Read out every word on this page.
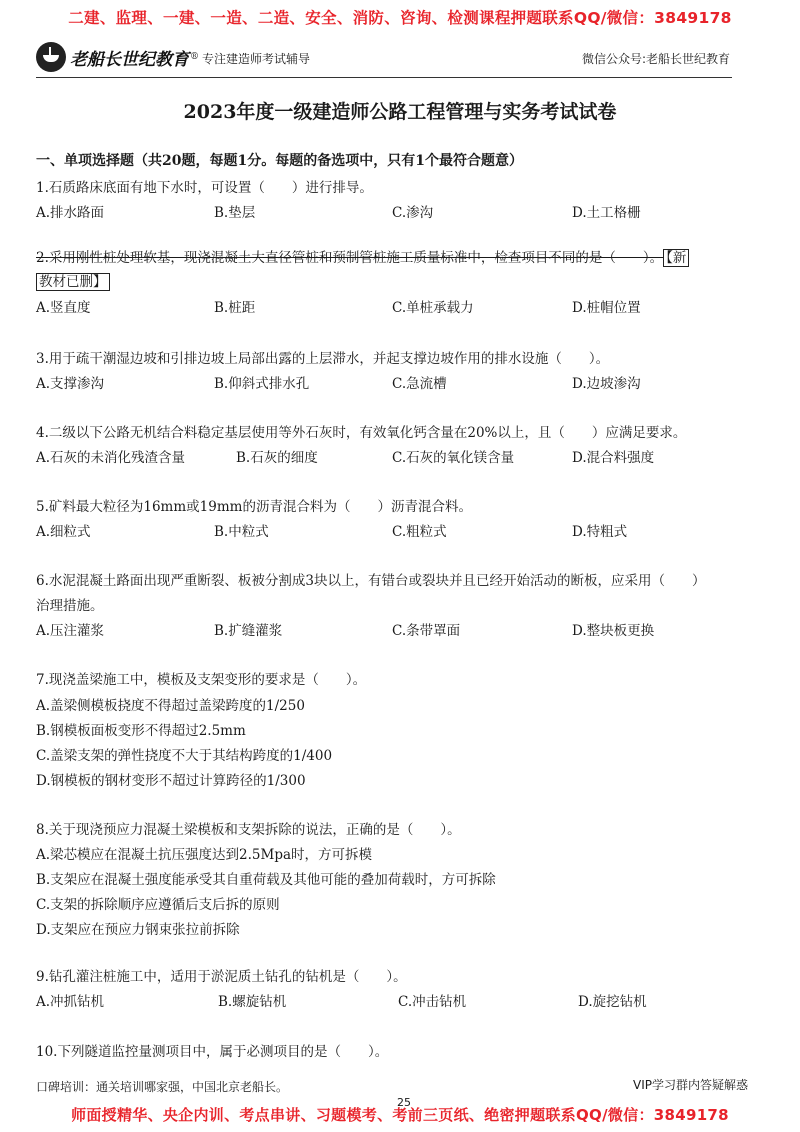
二建、监理、一建、一造、二造、安全、消防、咨询、检测课程押题联系QQ/微信：3849178
老船长世纪教育 ® 专注建造师考试辅导	微信公众号:老船长世纪教育
2023年度一级建造师公路工程管理与实务考试试卷
一、单项选择题（共20题，每题1分。每题的备选项中，只有1个最符合题意）
1.石质路床底面有地下水时，可设置（　　）进行排导。
A.排水路面	B.垫层	C.渗沟	D.土工格栅
2.采用刚性桩处理软基，现浇混凝土大直径管桩和预制管桩施工质量标准中，检查项目不同的是（　　）。 【新
教材已删】
A.竖直度	B.桩距	C.单桩承载力	D.桩帽位置
3.用于疏干潮湿边坡和引排边坡上局部出露的上层滞水，并起支撑边坡作用的排水设施（　　）。
A.支撑渗沟	B.仰斜式排水孔	C.急流槽	D.边坡渗沟
4.二级以下公路无机结合料稳定基层使用等外石灰时，有效氧化钙含量在20%以上，且（　　）应满足要求。
A.石灰的未消化残渣含量	B.石灰的细度	C.石灰的氧化镁含量	D.混合料强度
5.矿料最大粒径为16mm或19mm的沥青混合料为（　　）沥青混合料。
A.细粒式	B.中粒式	C.粗粒式	D.特粗式
6.水泥混凝土路面出现严重断裂、板被分割成3块以上，有错台或裂块并且已经开始活动的断板，应采用（　　）
治理措施。
A.压注灌浆	B.扩缝灌浆	C.条带罩面	D.整块板更换
7.现浇盖梁施工中，模板及支架变形的要求是（　　）。
A.盖梁侧模板挠度不得超过盖梁跨度的1/250
B.钢模板面板变形不得超过2.5mm
C.盖梁支架的弹性挠度不大于其结构跨度的1/400
D.钢模板的钢材变形不超过计算跨径的1/300
8.关于现浇预应力混凝土梁模板和支架拆除的说法，正确的是（　　）。
A.梁芯模应在混凝土抗压强度达到2.5Mpa时，方可拆模
B.支架应在混凝土强度能承受其自重荷载及其他可能的叠加荷载时，方可拆除
C.支架的拆除顺序应遵循后支后拆的原则
D.支架应在预应力钢束张拉前拆除
9.钻孔灌注桩施工中，适用于淤泥质土钻孔的钻机是（　　）。
A.冲抓钻机	B.螺旋钻机	C.冲击钻机	D.旋挖钻机
10.下列隧道监控量测项目中，属于必测项目的是（　　）。
口碑培训：通关培训哪家强，中国北京老船长。	VIP学习群内答疑解惑
25
师面授精华、央企内训、考点串讲、习题模考、考前三页纸、绝密押题联系QQ/微信：3849178
